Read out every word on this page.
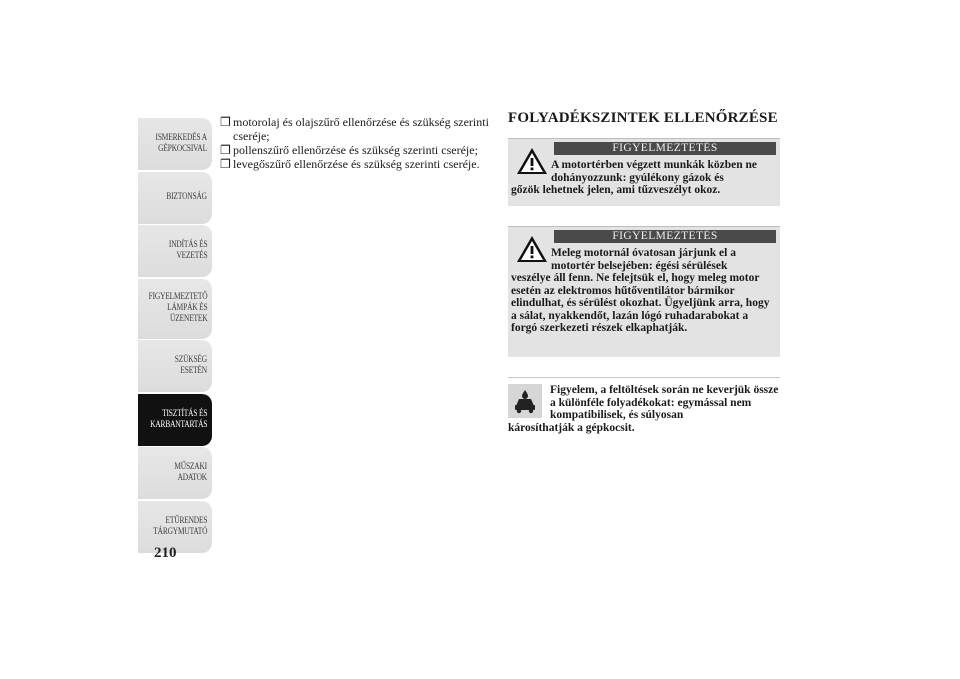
ISMERKEDÉS A
GÉPKOCSIVAL
BIZTONSÁG
INDÍTÁS ÉS
VEZETÉS
FIGYELMEZTETŐ
LÁMPÁK ÉS
ÜZENETEK
SZÜKSÉG ESETÉN
TISZTÍTÁS ÉS
KARBANTARTÁS
MŰSZAKI ADATOK
ETŰRENDES
TÁRGYMUTATÓ
210

❒ motorolaj és olajszűrő ellenőrzése és szükség szerinti cseréje;

❒ pollenszűrő ellenőrzése és szükség szerinti cseréje;

❒ levegőszűrő ellenőrzése és szükség szerinti cseréje.

FOLYADÉKSZINTEK ELLENŐRZÉSE
FIGYELMEZTETÉS
A motortérben végzett munkák közben ne dohányozzunk: gyúlékony gázok és
gőzök lehetnek jelen, ami tűzveszélyt okoz.
FIGYELMEZTETÉS
Meleg motornál óvatosan járjunk el a motortér belsejében: égési sérülések
veszélye áll fenn. Ne felejtsük el, hogy meleg motor esetén az elektromos hűtőventilátor bármikor elindulhat, és sérülést okozhat. Ügyeljünk arra, hogy a sálat, nyakkendőt, lazán lógó ruhadarabokat a forgó szerkezeti részek elkaphatják.
Figyelem, a feltöltések során ne keverjük össze a különféle folyadékokat: egymással nem kompatibilisek, és súlyosan
károsíthatják a gépkocsit.
